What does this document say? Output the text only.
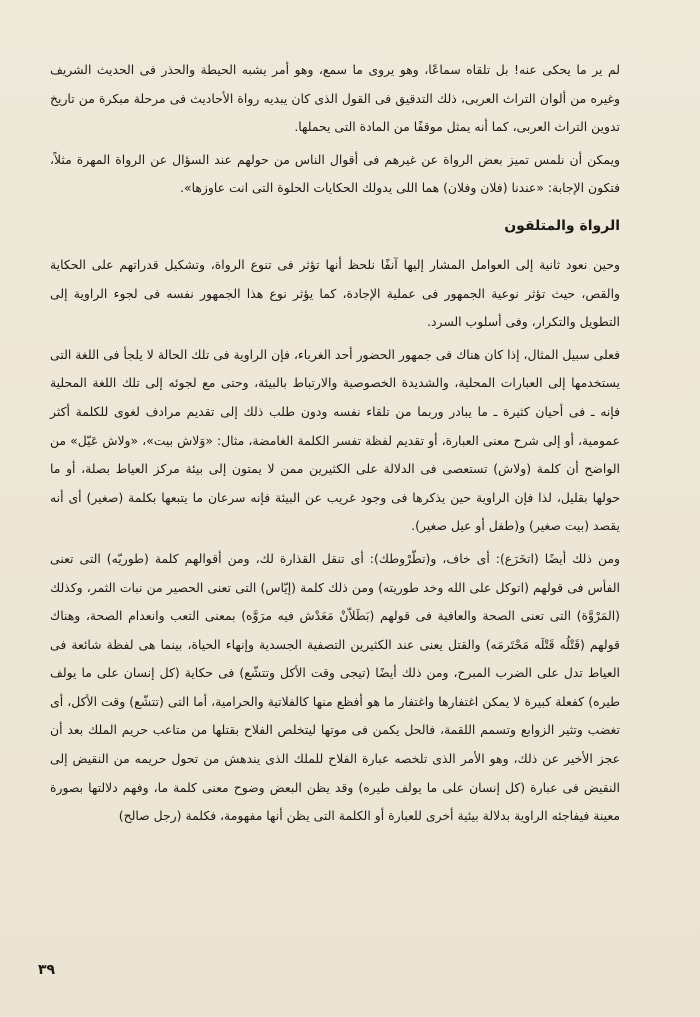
لم ير ما يحكى عنه! بل تلقاه سماعًا، وهو يروى ما سمع، وهو أمر يشبه الحيطة والحذر فى الحديث الشريف وغيره من ألوان التراث العربى، ذلك التدقيق فى القول الذى كان يبديه رواة الأحاديث فى مرحلة مبكرة من تاريخ تدوين التراث العربى، كما أنه يمثل موقفًا من المادة التى يحملها.

ويمكن أن نلمس تميز بعض الرواة عن غيرهم فى أقوال الناس من حولهم عند السؤال عن الرواة المهرة مثلاً، فتكون الإجابة: «عندنا (فلان وفلان) هما اللى يدولك الحكايات الحلوة التى انت عاوزها».

الرواة والمتلقون

وحين نعود ثانية إلى العوامل المشار إليها آنفًا نلحظ أنها تؤثر فى تنوع الرواة، وتشكيل قدراتهم على الحكاية والقص، حيث تؤثر نوعية الجمهور فى عملية الإجادة، كما يؤثر نوع هذا الجمهور نفسه فى لجوء الراوية إلى التطويل والتكرار، وفى أسلوب السرد.

فعلى سبيل المثال، إذا كان هناك فى جمهور الحضور أحد الغرباء، فإن الراوية فى تلك الحالة لا يلجأ فى اللغة التى يستخدمها إلى العبارات المحلية، والشديدة الخصوصية والارتباط بالبيئة، وحتى مع لجوئه إلى تلك اللغة المحلية فإنه ـ فى أحيان كثيرة ـ ما يبادر وربما من تلقاء نفسه ودون طلب ذلك إلى تقديم مرادف لغوى للكلمة أكثر عمومية، أو إلى شرح معنى العبارة، أو تقديم لفظة تفسر الكلمة الغامضة، مثال: «وَلاش بيت»، «ولاش عَيّل» من الواضح أن كلمة (ولاش) تستعصى فى الدلالة على الكثيرين ممن لا يمتون إلى بيئة مركز العياط بصلة، أو ما حولها بقليل، لذا فإن الراوية حين يذكرها فى وجود غريب عن البيئة فإنه سرعان ما يتبعها بكلمة (صغير) أى أنه يقصد (بيت صغير) و(طفل أو عيل صغير).

ومن ذلك أيضًا (اتخَرَع): أى خاف، و(تطّرْوطك): أى تنقل القذارة لك، ومن أقوالهم كلمة (طوريّه) التى تعنى الفأس فى قولهم (اتوكل على الله وخد طوريته) ومن ذلك كلمة (إيّاس) التى تعنى الحصير من نبات الثمر، وكذلك (المَرْوَّة) التى تعنى الصحة والعافية فى قولهم (بَطَلاّنْ مَعَدْش فيه مرَوَّه) بمعنى التعب وانعدام الصحة، وهناك قولهم (قَتْلُه قَتْلَه مَحْتَرمَه) والقتل يعنى عند الكثيرين التصفية الجسدية وإنهاء الحياة، بينما هى لفظة شائعة فى العياط تدل على الضرب المبرح، ومن ذلك أيضًا (تيجى وقت الأكل وتتشّع) فى حكاية (كل إنسان على ما يولف طيره) كفعلة كبيرة لا يمكن اغتفارها واغتفار ما هو أفظع منها كالفلاتية والحرامية، أما التى (تتشّع) وقت الأكل، أى تغضب وتثير الزوابع وتسمم اللقمة، فالحل يكمن فى موتها ليتخلص الفلاح بقتلها من متاعب حريم الملك بعد أن عجز الأخير عن ذلك، وهو الأمر الذى تلخصه عبارة الفلاح للملك الذى يندهش من تحول حريمه من النقيض إلى النقيض فى عبارة (كل إنسان على ما يولف طيره) وقد يظن البعض وضوح معنى كلمة ما، وفهم دلالتها بصورة معينة فيفاجئه الراوية بدلالة بيئية أخرى للعبارة أو الكلمة التى يظن أنها مفهومة، فكلمة (رجل صالح)

٣٩
